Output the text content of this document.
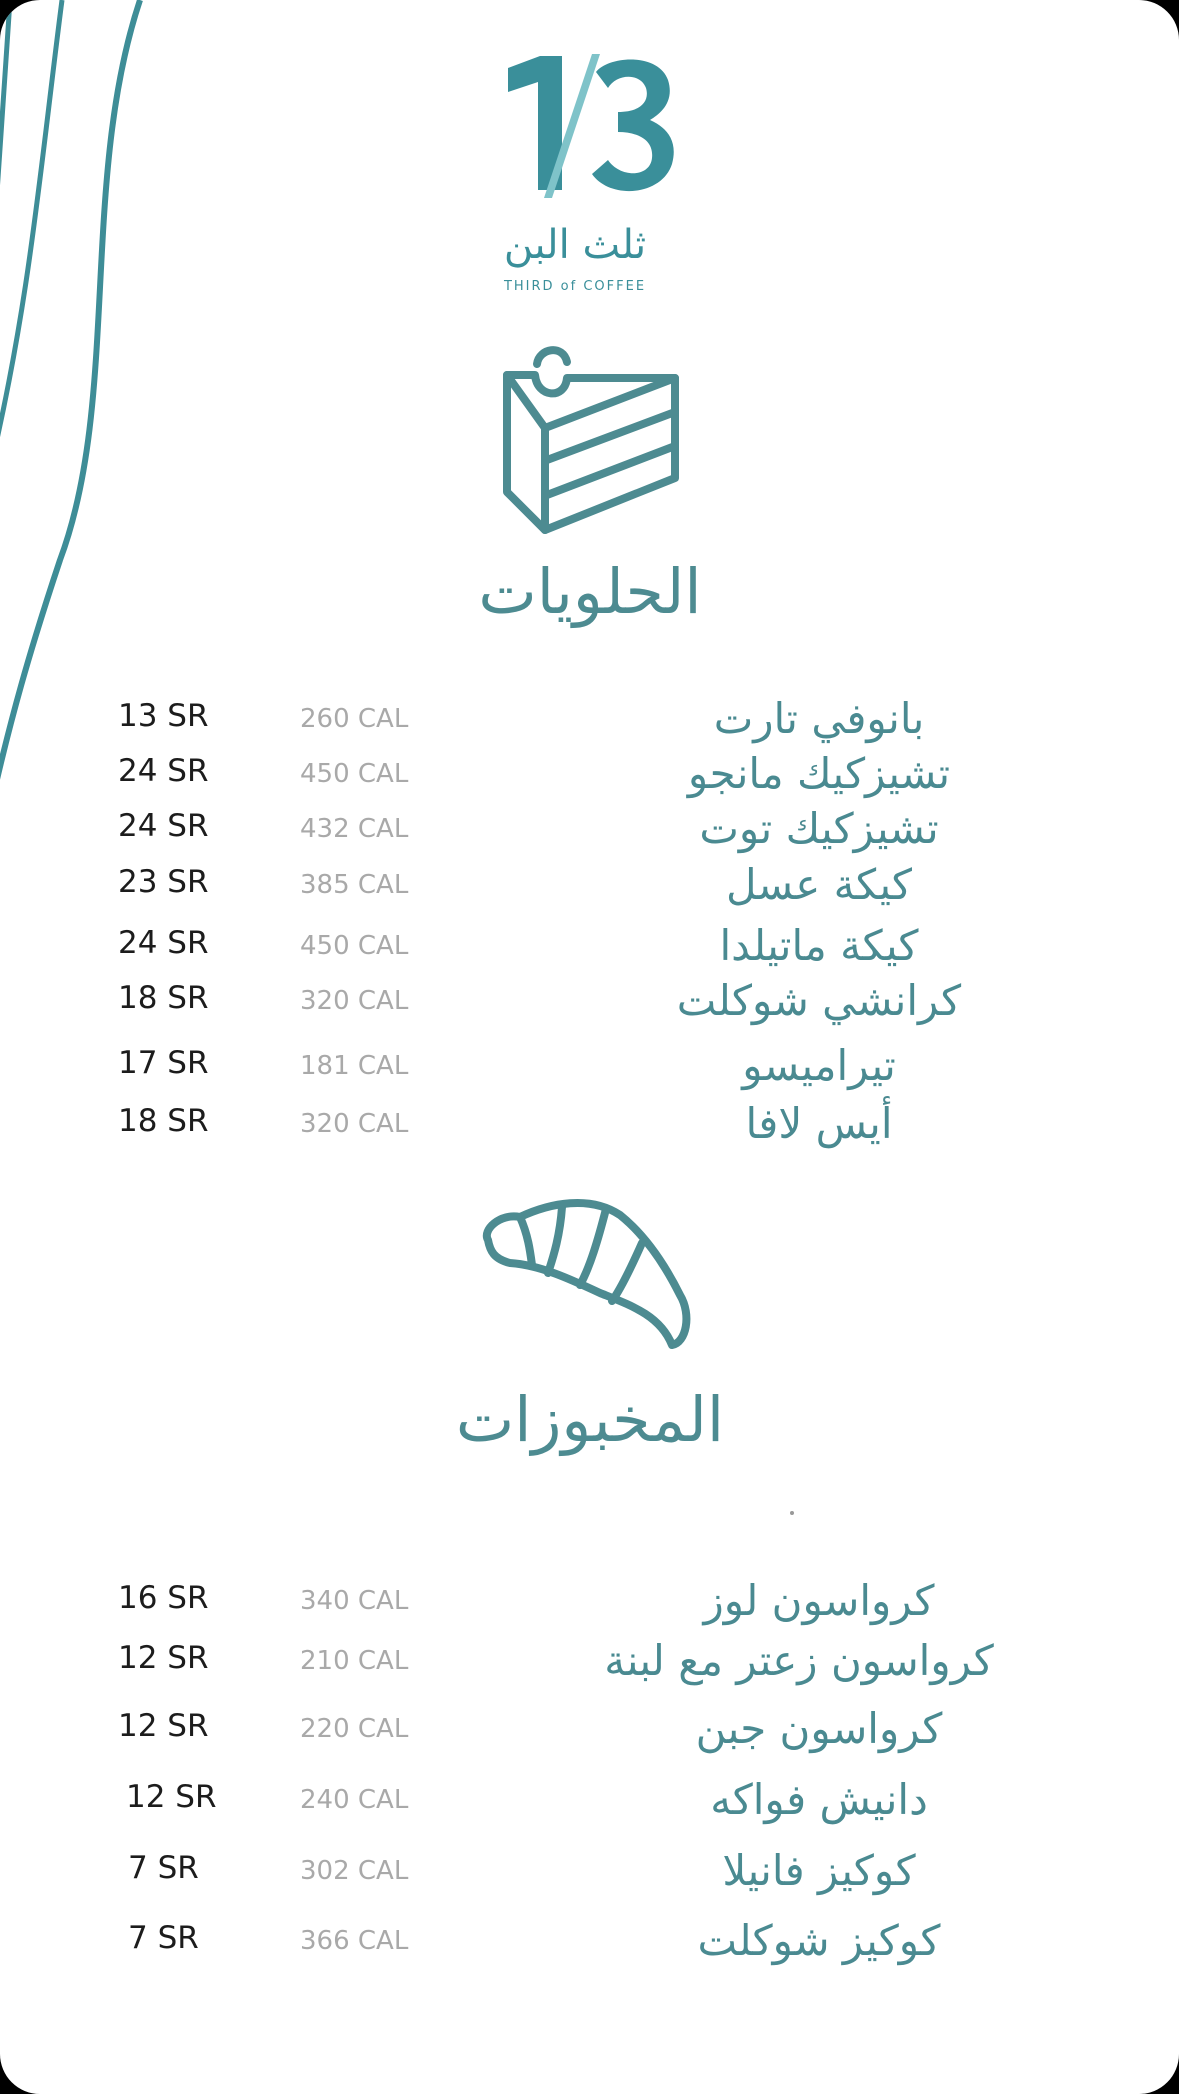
ثلث البن
THIRD of COFFEE
الحلويات
13 SR	260 CAL	بانوفي تارت
24 SR	450 CAL	تشيزكيك مانجو
24 SR	432 CAL	تشيزكيك توت
23 SR	385 CAL	كيكة عسل
24 SR	450 CAL	كيكة ماتيلدا
18 SR	320 CAL	كرانشي شوكلت
17 SR	181 CAL	تيراميسو
18 SR	320 CAL	أيس لافا
المخبوزات
16 SR	340 CAL	كرواسون لوز
12 SR	210 CAL	كرواسون زعتر مع لبنة
12 SR	220 CAL	كرواسون جبن
12 SR	240 CAL	دانيش فواكه
7 SR	302 CAL	كوكيز فانيلا
7 SR	366 CAL	كوكيز شوكلت
